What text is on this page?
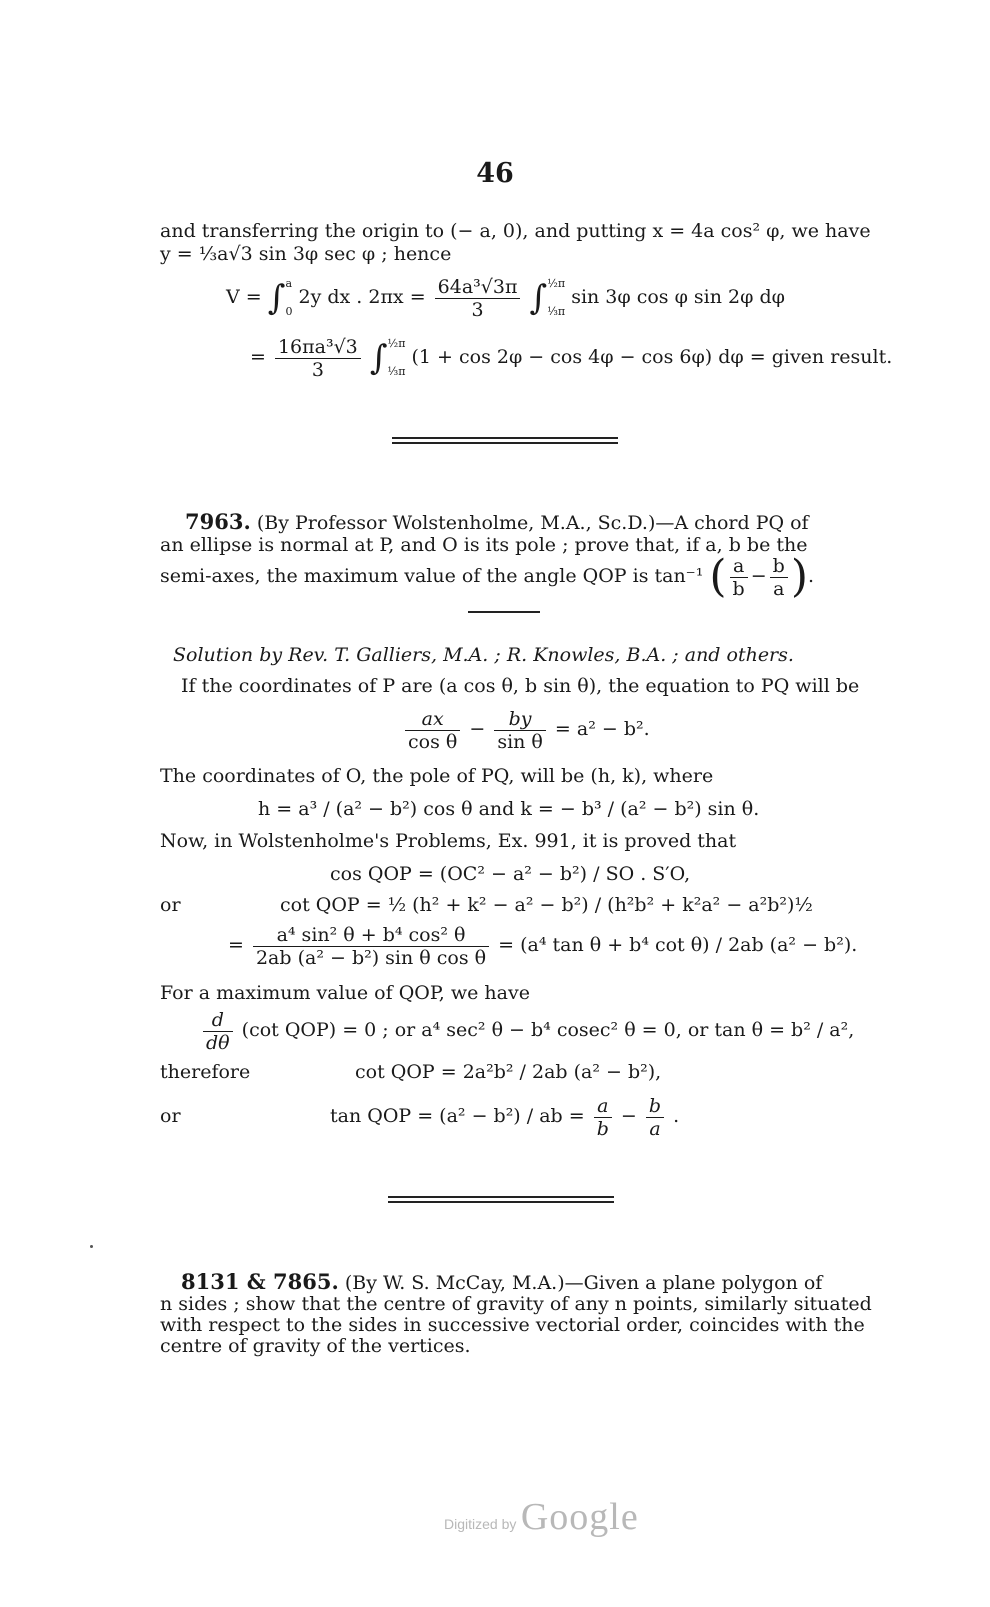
46
and transferring the origin to (− a, 0), and putting x = 4a cos² φ, we have
y = ⅓a√3 sin 3φ sec φ ; hence
V = ∫ a
0
2y dx . $2\pi x = \frac{\text{64a³√3π}}{3}$ ∫ ½π
⅓π
sin 3φ cos φ sin 2φ dφ
= $\frac{\text{16πa³√3}}{3}$ ∫ ½π
⅓π
(1 + cos 2φ − cos 4φ − cos 6φ) dφ = given result.
7963. (By Professor Wolstenholme, M.A., Sc.D.)—A chord PQ of
an ellipse is normal at P, and O is its pole ; prove that, if a, b be the
semi-axes, the maximum value of the angle QOP is tan⁻¹ ( $\frac{a}{b} - \frac{b}{a}$ ).
Solution by Rev. T. Galliers, M.A. ; R. Knowles, B.A. ; and others.
If the coordinates of P are (a cos θ, b sin θ), the equation to PQ will be
$\frac{ax}{\text{cos θ}} - \frac{by}{\text{sin θ}} = a^2 - b^2$.
The coordinates of O, the pole of PQ, will be (h, k), where
h = a³ / (a² − b²) cos θ and k = − b³ / (a² − b²) sin θ.
Now, in Wolstenholme's Problems, Ex. 991, it is proved that
cos QOP = (OC² − a² − b²) / SO . S′O,
or	cot QOP = ½ (h² + k² − a² − b²) / (h²b² + k²a² − a²b²)½
= $\frac{\text{a⁴ sin² θ + b⁴ cos² θ}}{\text{2ab (a² − b²) sin θ cos θ}} = (a^4$ tan θ + b⁴ cot θ) / 2ab (a² − b²).
For a maximum value of QOP, we have
$\frac{d}{d\theta} (\cot$ QOP) = 0 ; or a⁴ sec² θ − b⁴ cosec² θ = 0, or tan θ = b² / a²,
therefore	cot QOP = 2a²b² / 2ab (a² − b²),
or	tan QOP = (a² − b²) / ab = $\frac{a}{b} - \frac{b}{a}$ .
8131 & 7865. (By W. S. McCay, M.A.)—Given a plane polygon of
n sides ; show that the centre of gravity of any n points, similarly situated
with respect to the sides in successive vectorial order, coincides with the
centre of gravity of the vertices.
Digitized by Google
